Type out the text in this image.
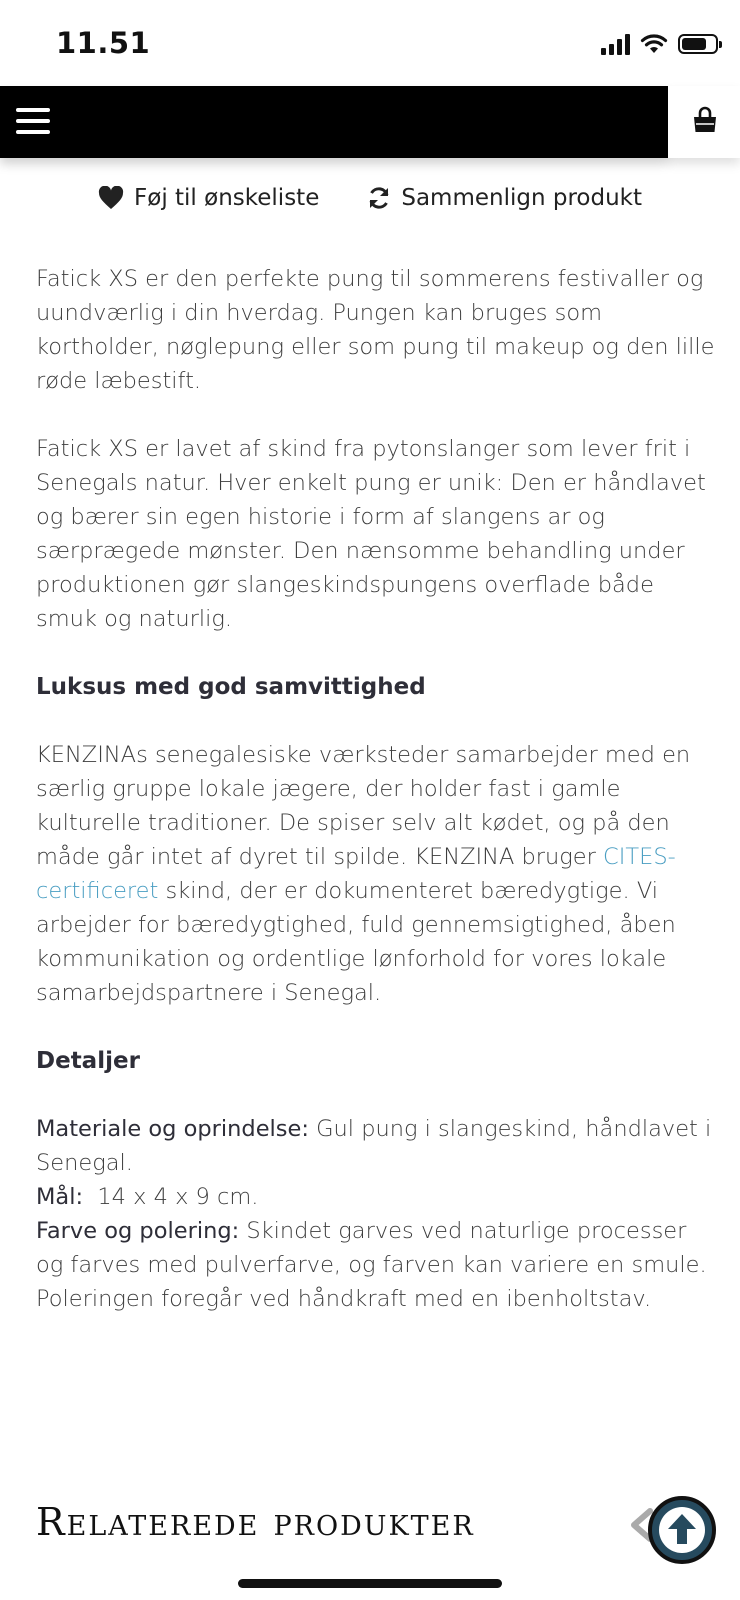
11.51
Føj til ønskeliste	Sammenlign produkt

Fatick XS er den perfekte pung til sommerens festivaller og uundværlig i din hverdag. Pungen kan bruges som kortholder, nøglepung eller som pung til makeup og den lille røde læbestift.

Fatick XS er lavet af skind fra pytonslanger som lever frit i Senegals natur. Hver enkelt pung er unik: Den er håndlavet og bærer sin egen historie i form af slangens ar og særprægede mønster. Den nænsomme behandling under produktionen gør slangeskindspungens overflade både smuk og naturlig.

Luksus med god samvittighed

KENZINAs senegalesiske værksteder samarbejder med en særlig gruppe lokale jægere, der holder fast i gamle kulturelle traditioner. De spiser selv alt kødet, og på den måde går intet af dyret til spilde. KENZINA bruger CITES-certificeret skind, der er dokumenteret bæredygtige. Vi arbejder for bæredygtighed, fuld gennemsigtighed, åben kommunikation og ordentlige lønforhold for vores lokale samarbejdspartnere i Senegal.

Detaljer

Materiale og oprindelse: Gul pung i slangeskind, håndlavet i Senegal.

Mål:  14 x 4 x 9 cm.

Farve og polering: Skindet garves ved naturlige processer og farves med pulverfarve, og farven kan variere en smule. Poleringen foregår ved håndkraft med en ibenholtstav.

Relaterede produkter
